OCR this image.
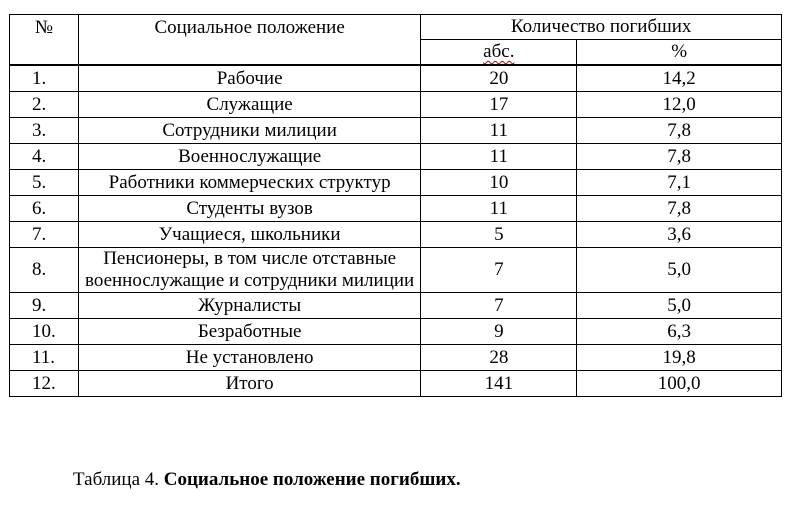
№	Социальное положение	Количество погибших	
		абс.	%
1.	Рабочие	20	14,2
2.	Служащие	17	12,0
3.	Сотрудники милиции	11	7,8
4.	Военнослужащие	11	7,8
5.	Работники коммерческих структур	10	7,1
6.	Студенты вузов	11	7,8
7.	Учащиеся, школьники	5	3,6
8.	Пенсионеры, в том числе отставные военнослужащие и сотрудники милиции	7	5,0
9.	Журналисты	7	5,0
10.	Безработные	9	6,3
11.	Не установлено	28	19,8
12.	Итого	141	100,0
Таблица 4. Социальное положение погибших.
